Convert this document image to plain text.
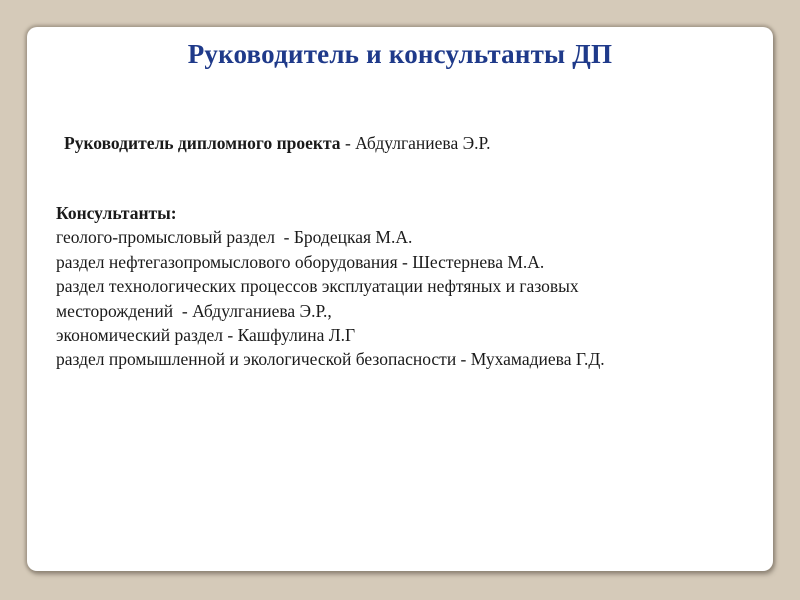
Руководитель и консультанты ДП
Руководитель дипломного проекта - Абдулганиева Э.Р.
Консультанты:
геолого-промысловый раздел  - Бродецкая М.А.
раздел нефтегазопромыслового оборудования - Шестернева М.А.
раздел технологических процессов эксплуатации нефтяных и газовых
месторождений  - Абдулганиева Э.Р.,
экономический раздел - Кашфулина Л.Г
раздел промышленной и экологической безопасности - Мухамадиева Г.Д.
